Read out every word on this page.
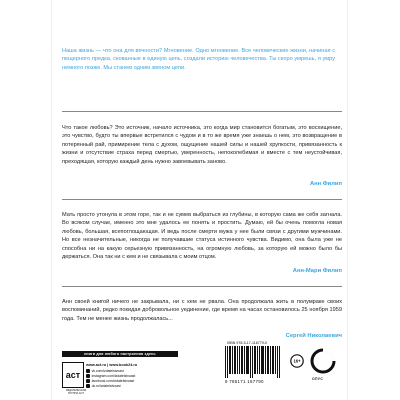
Наша жизнь — что она для вечности? Мгновение. Одно мгновение. Все человеческие жизни, начиная с пещерного предка, скованные в единую цепь, создали историю человечества. Ты скоро умрешь, я умру немного позже. Мы станем одним звеном цепи.

Что такое любовь? Это источник, начало источника, это когда мир становится богатым, это восхищение, это чувство, будто ты впервые встретился с чудом и в то же время уже знаешь о нем, это возвращение в потерянный рай, примирение тела с духом, ощущение нашей силы и нашей хрупкости, привязанность к жизни и отсутствие страха перед смертью, уверенность, непоколебимая и вместе с тем неустойчивая, преходящая, которую каждый день нужно завоевывать заново.

Анн Филип

Мать просто утонула в этом горе, так и не сумев выбраться из глубины, в которую сама же себя загнала. Во всяком случае, именно это мне удалось ее понять и простить. Думаю, ей бы очень помогла новая любовь, большая, всепоглощающая. И ведь после смерти мужа у нее были связи с другими мужчинами. Но все незначительные, никогда не получавшие статуса истинного чувства. Видимо, она была уже не способна ни на какую серьезную привязанность, на огромную любовь, за которую ей можно было бы держаться. Она так ни с кем и не связывала с моим отцом.

Анн-Мари Филип

Анн своей книгой ничего не закрывала, ни с кем не рвала. Она продолжала жить в полумраке своих воспоминаний, редко покидая добровольное уединение, где время на часах остановилось 25 ноября 1959 года. Тем не менее жизнь продолжалась...

Сергей Николаевич
книги для любого настроения здесь
аст
ИЗДАТЕЛЬСКАЯ ГРУППА АСТ
www.act.ru | www.book24.ru
vk.com/izdatelstvoast
instagram.com/izdatelstvoast
facebook.com/izdatelstvoast
ok.ru/izdatelstvoast
ISBN 978-5-17-116779-0
9 785171 167790
16+
ОПУС
